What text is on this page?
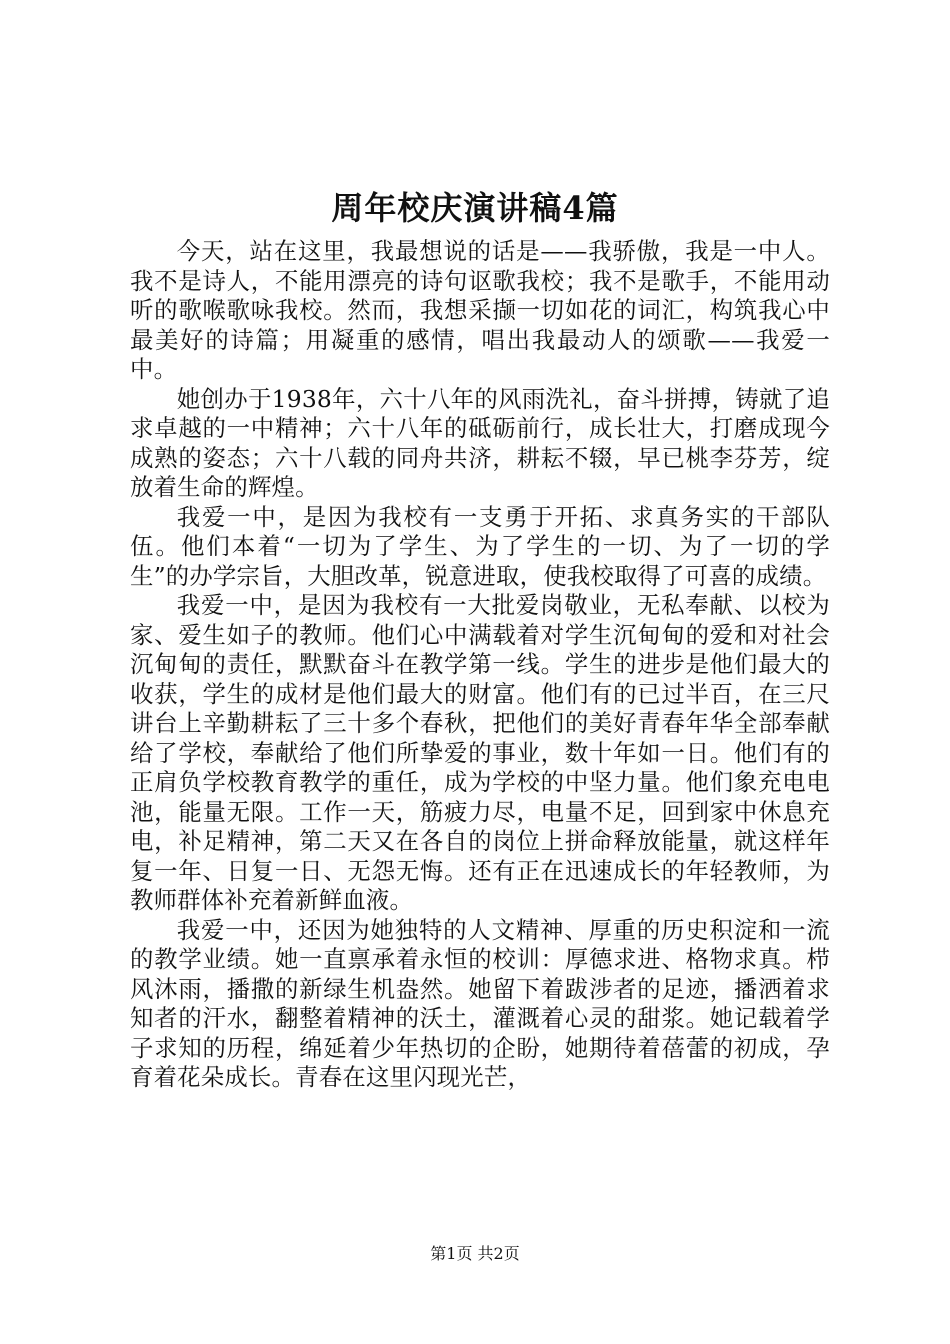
周年校庆演讲稿4篇

今天，站在这里，我最想说的话是——我骄傲，我是一中人。我不是诗人，不能用漂亮的诗句讴歌我校；我不是歌手，不能用动听的歌喉歌咏我校。然而，我想采撷一切如花的词汇，构筑我心中最美好的诗篇；用凝重的感情，唱出我最动人的颂歌——我爱一中。

她创办于1938年，六十八年的风雨洗礼，奋斗拼搏，铸就了追求卓越的一中精神；六十八年的砥砺前行，成长壮大，打磨成现今成熟的姿态；六十八载的同舟共济，耕耘不辍，早已桃李芬芳，绽放着生命的辉煌。

我爱一中，是因为我校有一支勇于开拓、求真务实的干部队伍。他们本着“一切为了学生、为了学生的一切、为了一切的学生”的办学宗旨，大胆改革，锐意进取，使我校取得了可喜的成绩。

我爱一中，是因为我校有一大批爱岗敬业，无私奉献、以校为家、爱生如子的教师。他们心中满载着对学生沉甸甸的爱和对社会沉甸甸的责任，默默奋斗在教学第一线。学生的进步是他们最大的收获，学生的成材是他们最大的财富。他们有的已过半百，在三尺讲台上辛勤耕耘了三十多个春秋，把他们的美好青春年华全部奉献给了学校，奉献给了他们所挚爱的事业，数十年如一日。他们有的正肩负学校教育教学的重任，成为学校的中坚力量。他们象充电电池，能量无限。工作一天，筋疲力尽，电量不足，回到家中休息充电，补足精神，第二天又在各自的岗位上拼命释放能量，就这样年复一年、日复一日、无怨无悔。还有正在迅速成长的年轻教师，为教师群体补充着新鲜血液。

我爱一中，还因为她独特的人文精神、厚重的历史积淀和一流的教学业绩。她一直禀承着永恒的校训：厚德求进、格物求真。栉风沐雨，播撒的新绿生机盎然。她留下着跋涉者的足迹，播洒着求知者的汗水，翻整着精神的沃土，灌溉着心灵的甜浆。她记载着学子求知的历程，绵延着少年热切的企盼，她期待着蓓蕾的初成，孕育着花朵成长。青春在这里闪现光芒，

第1页 共2页
